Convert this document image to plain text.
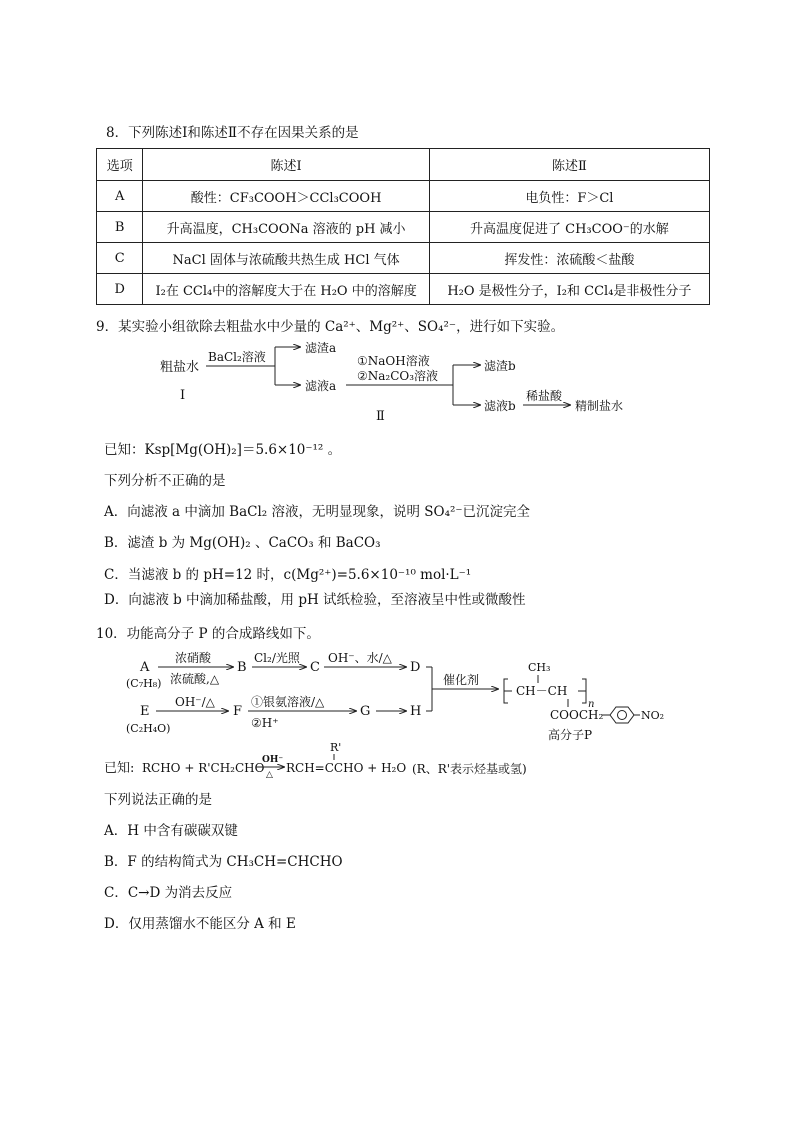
8．下列陈述Ⅰ和陈述Ⅱ不存在因果关系的是
选项	陈述Ⅰ	陈述Ⅱ
A	酸性：CF₃COOH＞CCl₃COOH	电负性：F＞Cl
B	升高温度，CH₃COONa 溶液的 pH 减小	升高温度促进了 CH₃COO⁻的水解
C	NaCl 固体与浓硫酸共热生成 HCl 气体	挥发性：浓硫酸＜盐酸
D	I₂在 CCl₄中的溶解度大于在 H₂O 中的溶解度	H₂O 是极性分子，I₂和 CCl₄是非极性分子
9．某实验小组欲除去粗盐水中少量的 Ca²⁺、Mg²⁺、SO₄²⁻，进行如下实验。
粗盐水
Ⅰ
BaCl₂溶液
滤渣a
滤液a
①NaOH溶液
②Na₂CO₃溶液
Ⅱ
滤渣b
滤液b
稀盐酸
精制盐水
已知：Ksp[Mg(OH)₂]＝5.6×10⁻¹² 。
下列分析不正确的是
A．向滤液 a 中滴加 BaCl₂ 溶液，无明显现象，说明 SO₄²⁻已沉淀完全
B．滤渣 b 为 Mg(OH)₂ 、CaCO₃ 和 BaCO₃
C．当滤液 b 的 pH=12 时，c(Mg²⁺)=5.6×10⁻¹⁰ mol·L⁻¹
D．向滤液 b 中滴加稀盐酸，用 pH 试纸检验，至溶液呈中性或微酸性
10．功能高分子 P 的合成路线如下。
A
(C₇H₈)
浓硝酸
浓硫酸,△
B
Cl₂/光照
C
OH⁻、水/△
D
E
(C₂H₄O)
OH⁻/△
F
①银氨溶液/△
②H⁺
G	H
催化剂
CH₃
CH－CH
n
COOCH₂	NO₂
高分子P
已知: RCHO + R'CH₂CHO
OH⁻
△
R'
RCH=CCHO + H₂O (R、R'表示烃基或氢)
下列说法正确的是
A．H 中含有碳碳双键
B．F 的结构简式为 CH₃CH=CHCHO
C．C→D 为消去反应
D．仅用蒸馏水不能区分 A 和 E
